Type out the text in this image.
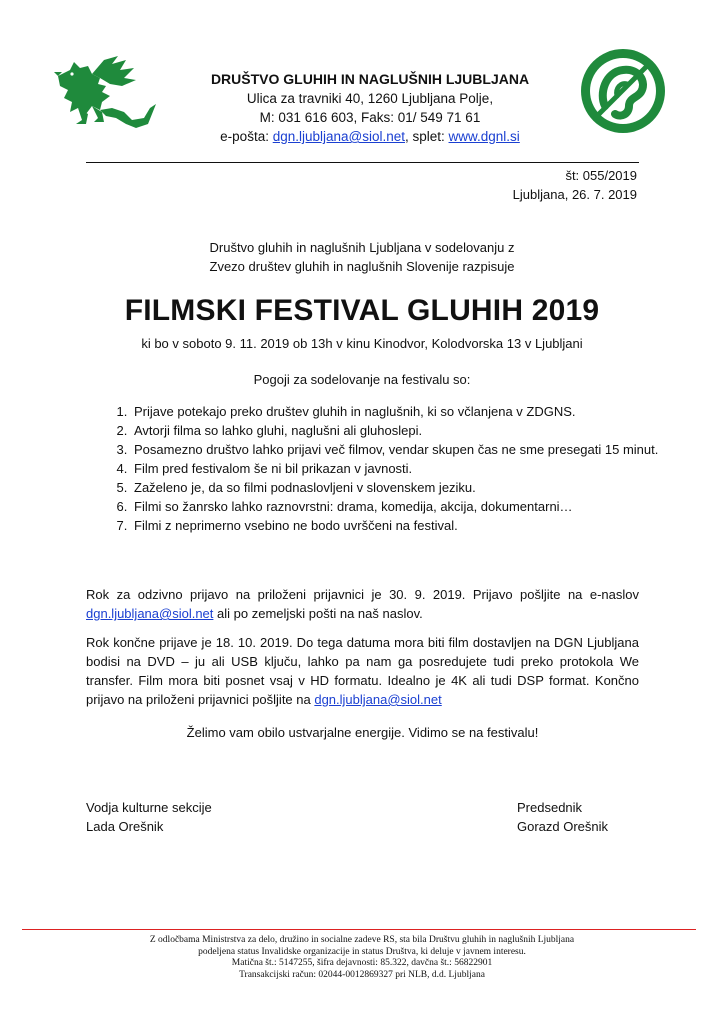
DRUŠTVO GLUHIH IN NAGLUŠNIH LJUBLJANA
Ulica za travniki 40, 1260 Ljubljana Polje,
M: 031 616 603, Faks: 01/ 549 71 61
e-pošta: dgn.ljubljana@siol.net, splet: www.dgnl.si
št: 055/2019
Ljubljana, 26. 7. 2019
Društvo gluhih in naglušnih Ljubljana v sodelovanju z
Zvezo društev gluhih in naglušnih Slovenije razpisuje
FILMSKI FESTIVAL GLUHIH 2019
ki bo v soboto 9. 11. 2019 ob 13h v kinu Kinodvor, Kolodvorska 13 v Ljubljani
Pogoji za sodelovanje na festivalu so:
1. Prijave potekajo preko društev gluhih in naglušnih, ki so včlanjena v ZDGNS.
2. Avtorji filma so lahko gluhi, naglušni ali gluhoslepi.
3. Posamezno društvo lahko prijavi več filmov, vendar skupen čas ne sme presegati 15 minut.
4. Film pred festivalom še ni bil prikazan v javnosti.
5. Zaželeno je, da so filmi podnaslovljeni v slovenskem jeziku.
6. Filmi so žanrsko lahko raznovrstni: drama, komedija, akcija, dokumentarni…
7. Filmi z neprimerno vsebino ne bodo uvrščeni na festival.
Rok za odzivno prijavo na priloženi prijavnici je 30. 9. 2019. Prijavo pošljite na e-naslov dgn.ljubljana@siol.net ali po zemeljski pošti na naš naslov.
Rok končne prijave je 18. 10. 2019. Do tega datuma mora biti film dostavljen na DGN Ljubljana bodisi na DVD – ju ali USB ključu, lahko pa nam ga posredujete tudi preko protokola We transfer. Film mora biti posnet vsaj v HD formatu. Idealno je 4K ali tudi DSP format. Končno prijavo na priloženi prijavnici pošljite na dgn.ljubljana@siol.net
Želimo vam obilo ustvarjalne energije. Vidimo se na festivalu!
Vodja kulturne sekcije
Lada Orešnik
Predsednik
Gorazd Orešnik
Z odločbama Ministrstva za delo, družino in socialne zadeve RS, sta bila Društvu gluhih in naglušnih Ljubljana
podeljena status Invalidske organizacije in status Društva, ki deluje v javnem interesu.
Matična št.: 5147255, šifra dejavnosti: 85.322, davčna št.: 56822901
Transakcijski račun: 02044-0012869327 pri NLB, d.d. Ljubljana
